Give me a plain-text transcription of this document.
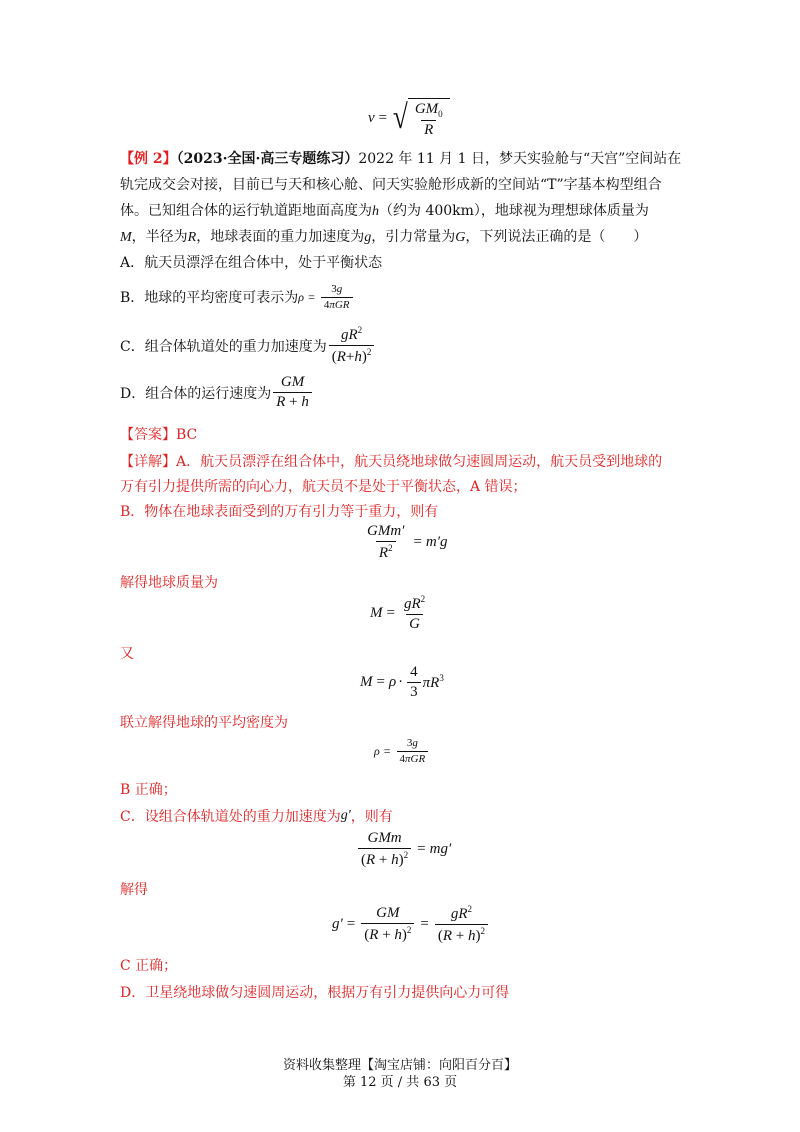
v = √ $\frac{GM_0}{R}$
【例 2】（2023·全国·高三专题练习）2022 年 11 月 1 日，梦天实验舱与“天宫”空间站在
轨完成交会对接，目前已与天和核心舱、问天实验舱形成新的空间站“T”字基本构型组合
体。已知组合体的运行轨道距地面高度为h（约为 400km），地球视为理想球体质量为
M，半径为R，地球表面的重力加速度为g，引力常量为G，下列说法正确的是（　　）
A．航天员漂浮在组合体中，处于平衡状态
B．地球的平均密度可表示为 $\rho = \frac{3g}{\text{4πGR}}$
C．组合体轨道处的重力加速度为 $\frac{gR^2}{(R+h)^2}$
D．组合体的运行速度为 $\frac{GM}{R + h}$
【答案】BC
【详解】A．航天员漂浮在组合体中，航天员绕地球做匀速圆周运动，航天员受到地球的
万有引力提供所需的向心力，航天员不是处于平衡状态，A 错误；
B．物体在地球表面受到的万有引力等于重力，则有
$\frac{\text{GMm′}}{R^2} = m'g$
解得地球质量为
$M = \frac{gR^2}{G}$
又
$M = \rho \cdot \frac{4}{3} \pi R^3$
联立解得地球的平均密度为
$\rho = \frac{3g}{\text{4πGR}}$
B 正确；
C．设组合体轨道处的重力加速度为 g′ ，则有
$\frac{\text{GMm}}{(R + h)^2} = mg'$
解得
$g' = \frac{GM}{(R + h)^2} = \frac{gR^2}{(R + h)^2}$
C 正确；
D．卫星绕地球做匀速圆周运动，根据万有引力提供向心力可得
资料收集整理【淘宝店铺：向阳百分百】
第 12 页 / 共 63 页
